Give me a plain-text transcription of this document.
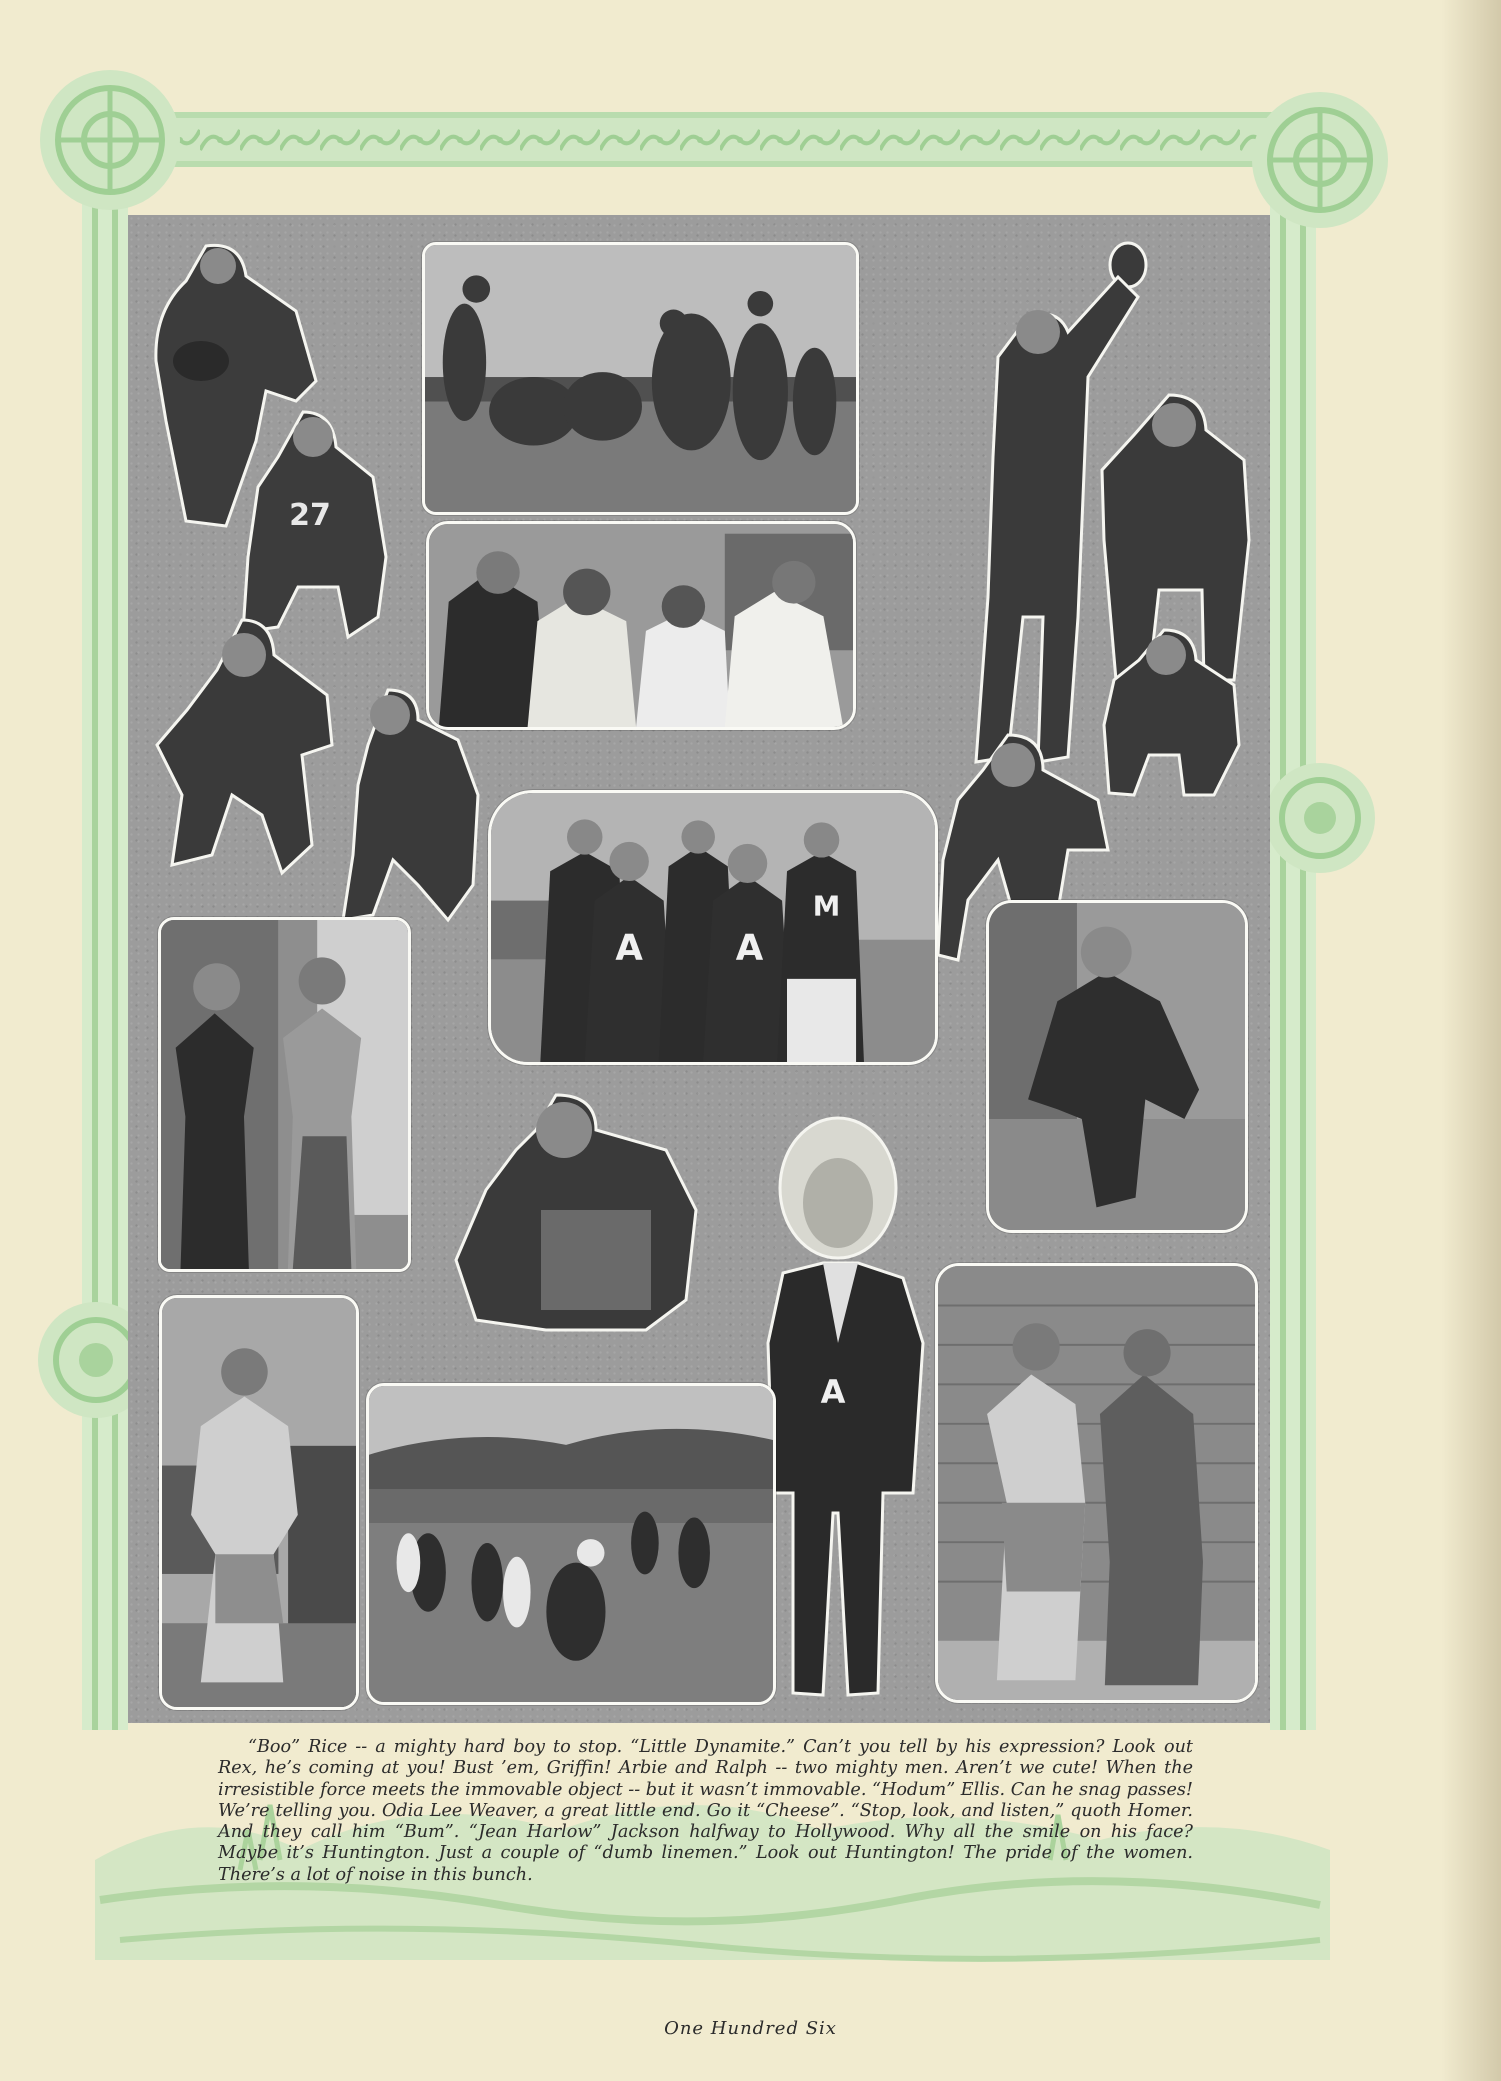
27
A	A
M
A

“Boo” Rice -- a mighty hard boy to stop. “Little Dynamite.” Can’t you tell by his expression? Look out Rex, he’s coming at you! Bust ’em, Griffin! Arbie and Ralph -- two mighty men. Aren’t we cute! When the irresistible force meets the immovable object -- but it wasn’t immovable. “Hodum” Ellis. Can he snag passes! We’re telling you. Odia Lee Weaver, a great little end. Go it “Cheese”. “Stop, look, and listen,” quoth Homer. And they call him “Bum”. “Jean Harlow” Jackson halfway to Hollywood. Why all the smile on his face? Maybe it’s Huntington. Just a couple of “dumb linemen.” Look out Huntington! The pride of the women. There’s a lot of noise in this bunch.

One Hundred Six
